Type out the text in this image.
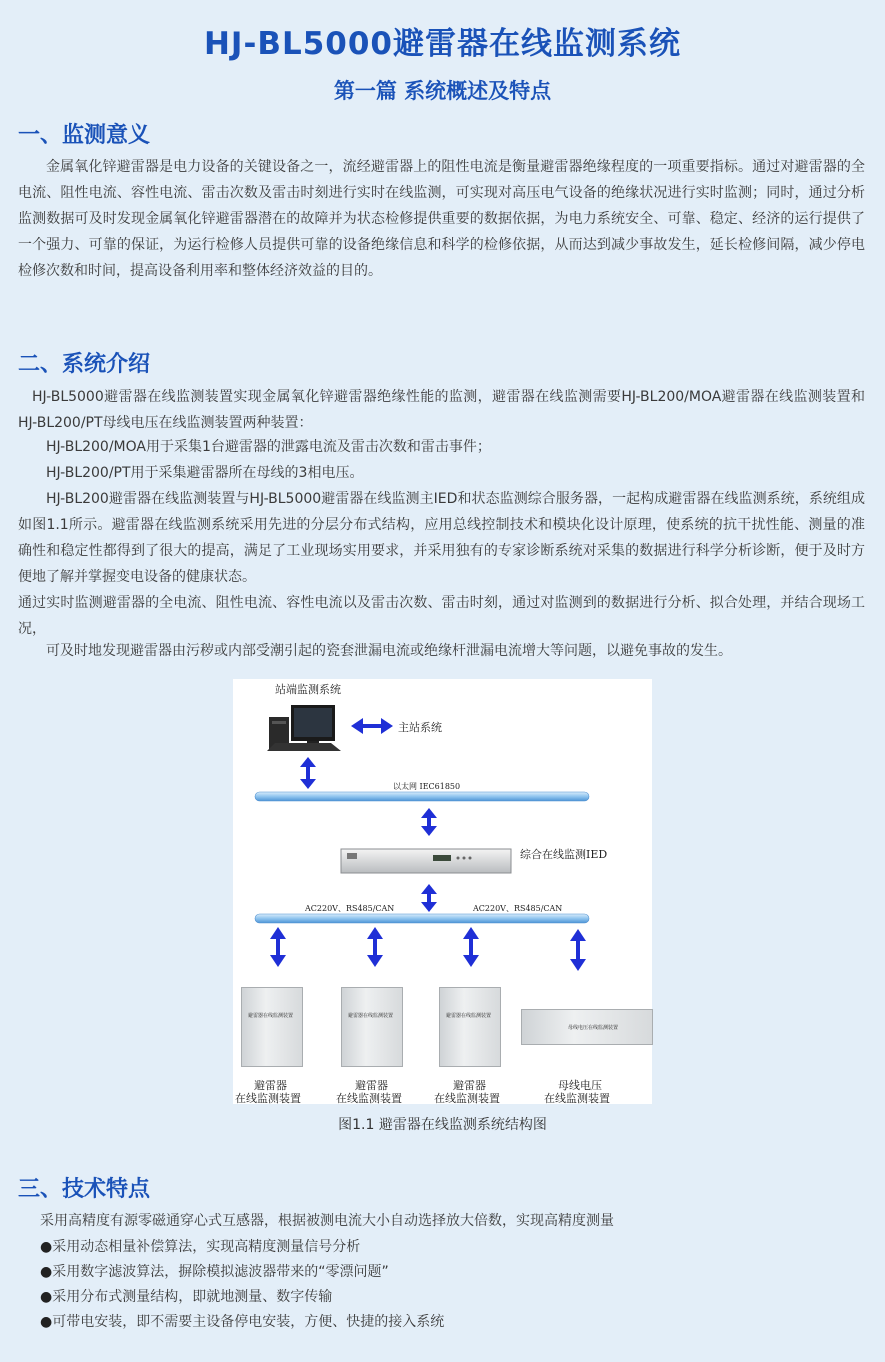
HJ-BL5000避雷器在线监测系统
第一篇 系统概述及特点
一、监测意义

金属氧化锌避雷器是电力设备的关键设备之一，流经避雷器上的阻性电流是衡量避雷器绝缘程度的一项重要指标。通过对避雷器的全电流、阻性电流、容性电流、雷击次数及雷击时刻进行实时在线监测，可实现对高压电气设备的绝缘状况进行实时监测；同时，通过分析监测数据可及时发现金属氧化锌避雷器潜在的故障并为状态检修提供重要的数据依据，为电力系统安全、可靠、稳定、经济的运行提供了一个强力、可靠的保证，为运行检修人员提供可靠的设备绝缘信息和科学的检修依据，从而达到减少事故发生，延长检修间隔，减少停电检修次数和时间，提高设备利用率和整体经济效益的目的。

二、系统介绍

HJ-BL5000避雷器在线监测装置实现金属氧化锌避雷器绝缘性能的监测，避雷器在线监测需要HJ-BL200/MOA避雷器在线监测装置和HJ-BL200/PT母线电压在线监测装置两种装置：

HJ-BL200/MOA用于采集1台避雷器的泄露电流及雷击次数和雷击事件；

HJ-BL200/PT用于采集避雷器所在母线的3相电压。

HJ-BL200避雷器在线监测装置与HJ-BL5000避雷器在线监测主IED和状态监测综合服务器，一起构成避雷器在线监测系统，系统组成如图1.1所示。避雷器在线监测系统采用先进的分层分布式结构，应用总线控制技术和模块化设计原理，使系统的抗干扰性能、测量的准确性和稳定性都得到了很大的提高，满足了工业现场实用要求，并采用独有的专家诊断系统对采集的数据进行科学分析诊断，便于及时方便地了解并掌握变电设备的健康状态。

通过实时监测避雷器的全电流、阻性电流、容性电流以及雷击次数、雷击时刻，通过对监测到的数据进行分析、拟合处理，并结合现场工况，

可及时地发现避雷器由污秽或内部受潮引起的瓷套泄漏电流或绝缘杆泄漏电流增大等问题，以避免事故的发生。

站端监测系统
主站系统
以太网 IEC61850
综合在线监测IED
AC220V、RS485/CAN	AC220V、RS485/CAN
避雷器在线监测装置	避雷器在线监测装置	避雷器在线监测装置
母线电压在线监测装置
避雷器
在线监测装置
避雷器
在线监测装置
避雷器
在线监测装置
母线电压
在线监测装置
图1.1 避雷器在线监测系统结构图
三、技术特点

采用高精度有源零磁通穿心式互感器，根据被测电流大小自动选择放大倍数，实现高精度测量

●采用动态相量补偿算法，实现高精度测量信号分析
●采用数字滤波算法，摒除模拟滤波器带来的“零漂问题”
●采用分布式测量结构，即就地测量、数字传输
●可带电安装，即不需要主设备停电安装，方便、快捷的接入系统
